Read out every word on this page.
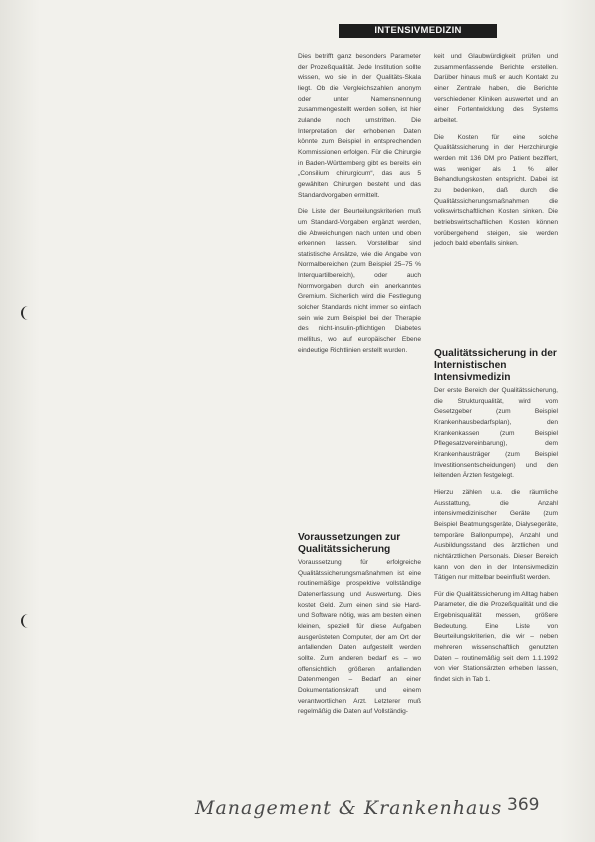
INTENSIVMEDIZIN

Dies betrifft ganz besonders Parameter der Prozeßqualität. Jede Institution sollte wissen, wo sie in der Qualitäts-Skala liegt. Ob die Vergleichszahlen anonym oder unter Namensnennung zusammengestellt werden sollen, ist hier zulande noch umstritten. Die Interpretation der erhobenen Daten könnte zum Beispiel in entsprechenden Kommissionen erfolgen. Für die Chirurgie in Baden-Württemberg gibt es bereits ein „Consilium chirurgicum“, das aus 5 gewählten Chirurgen besteht und das Standardvorgaben ermittelt.

Die Liste der Beurteilungskriterien muß um Standard-Vorgaben ergänzt werden, die Abweichungen nach unten und oben erkennen lassen. Vorstellbar sind statistische Ansätze, wie die Angabe von Normalbereichen (zum Beispiel 25–75 % Interquartilbereich), oder auch Normvorgaben durch ein anerkanntes Gremium. Sicherlich wird die Festlegung solcher Standards nicht immer so einfach sein wie zum Beispiel bei der Therapie des nicht-insulin-pflichtigen Diabetes mellitus, wo auf europäischer Ebene eindeutige Richtlinien erstellt wurden.

Voraussetzungen zur Qualitätssicherung

Voraussetzung für erfolgreiche Qualitätssicherungsmaßnahmen ist eine routinemäßige prospektive vollständige Datenerfassung und Auswertung. Dies kostet Geld. Zum einen sind sie Hard- und Software nötig, was am besten einen kleinen, speziell für diese Aufgaben ausgerüsteten Computer, der am Ort der anfallenden Daten aufgestellt werden sollte. Zum anderen bedarf es – wo offensichtlich größeren anfallenden Datenmengen – Bedarf an einer Dokumentationskraft und einem verantwortlichen Arzt. Letzterer muß regelmäßig die Daten auf Vollständig-

keit und Glaubwürdigkeit prüfen und zusammenfassende Berichte erstellen. Darüber hinaus muß er auch Kontakt zu einer Zentrale haben, die Berichte verschiedener Kliniken auswertet und an einer Fortentwicklung des Systems arbeitet.

Die Kosten für eine solche Qualitätssicherung in der Herzchirurgie werden mit 136 DM pro Patient beziffert, was weniger als 1 % aller Behandlungskosten entspricht. Dabei ist zu bedenken, daß durch die Qualitätssicherungsmaßnahmen die volkswirtschaftlichen Kosten sinken. Die betriebswirtschaftlichen Kosten können vorübergehend steigen, sie werden jedoch bald ebenfalls sinken.

Qualitätssicherung in der Internistischen Intensivmedizin

Der erste Bereich der Qualitätssicherung, die Strukturqualität, wird vom Gesetzgeber (zum Beispiel Krankenhausbedarfsplan), den Krankenkassen (zum Beispiel Pflegesatzvereinbarung), dem Krankenhausträger (zum Beispiel Investitionsentscheidungen) und den leitenden Ärzten festgelegt.

Hierzu zählen u.a. die räumliche Ausstattung, die Anzahl intensivmedizinischer Geräte (zum Beispiel Beatmungsgeräte, Dialysegeräte, temporäre Ballonpumpe), Anzahl und Ausbildungsstand des ärztlichen und nichtärztlichen Personals. Dieser Bereich kann von den in der Intensivmedizin Tätigen nur mittelbar beeinflußt werden.

Für die Qualitätssicherung im Alltag haben Parameter, die die Prozeßqualität und die Ergebnisqualität messen, größere Bedeutung. Eine Liste von Beurteilungskriterien, die wir – neben mehreren wissenschaftlich genutzten Daten – routinemäßig seit dem 1.1.1992 von vier Stationsärzten erheben lassen, findet sich in Tab 1.

Management & Krankenhaus 369
